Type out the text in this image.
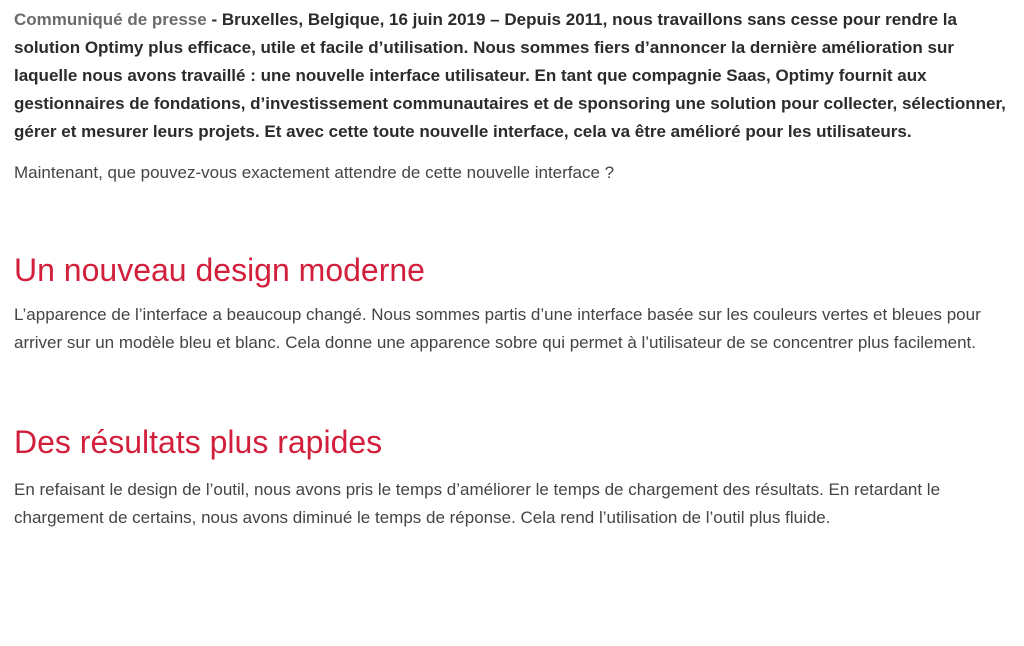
Communiqué de presse - Bruxelles, Belgique, 16 juin 2019 – Depuis 2011, nous travaillons sans cesse pour rendre la solution Optimy plus efficace, utile et facile d’utilisation. Nous sommes fiers d’annoncer la dernière amélioration sur laquelle nous avons travaillé : une nouvelle interface utilisateur. En tant que compagnie Saas, Optimy fournit aux gestionnaires de fondations, d’investissement communautaires et de sponsoring une solution pour collecter, sélectionner, gérer et mesurer leurs projets. Et avec cette toute nouvelle interface, cela va être amélioré pour les utilisateurs.

Maintenant, que pouvez-vous exactement attendre de cette nouvelle interface ?

Un nouveau design moderne

L’apparence de l’interface a beaucoup changé. Nous sommes partis d’une interface basée sur les couleurs vertes et bleues pour arriver sur un modèle bleu et blanc. Cela donne une apparence sobre qui permet à l’utilisateur de se concentrer plus facilement.

Des résultats plus rapides

En refaisant le design de l’outil, nous avons pris le temps d’améliorer le temps de chargement des résultats. En retardant le chargement de certains, nous avons diminué le temps de réponse. Cela rend l’utilisation de l’outil plus fluide.
